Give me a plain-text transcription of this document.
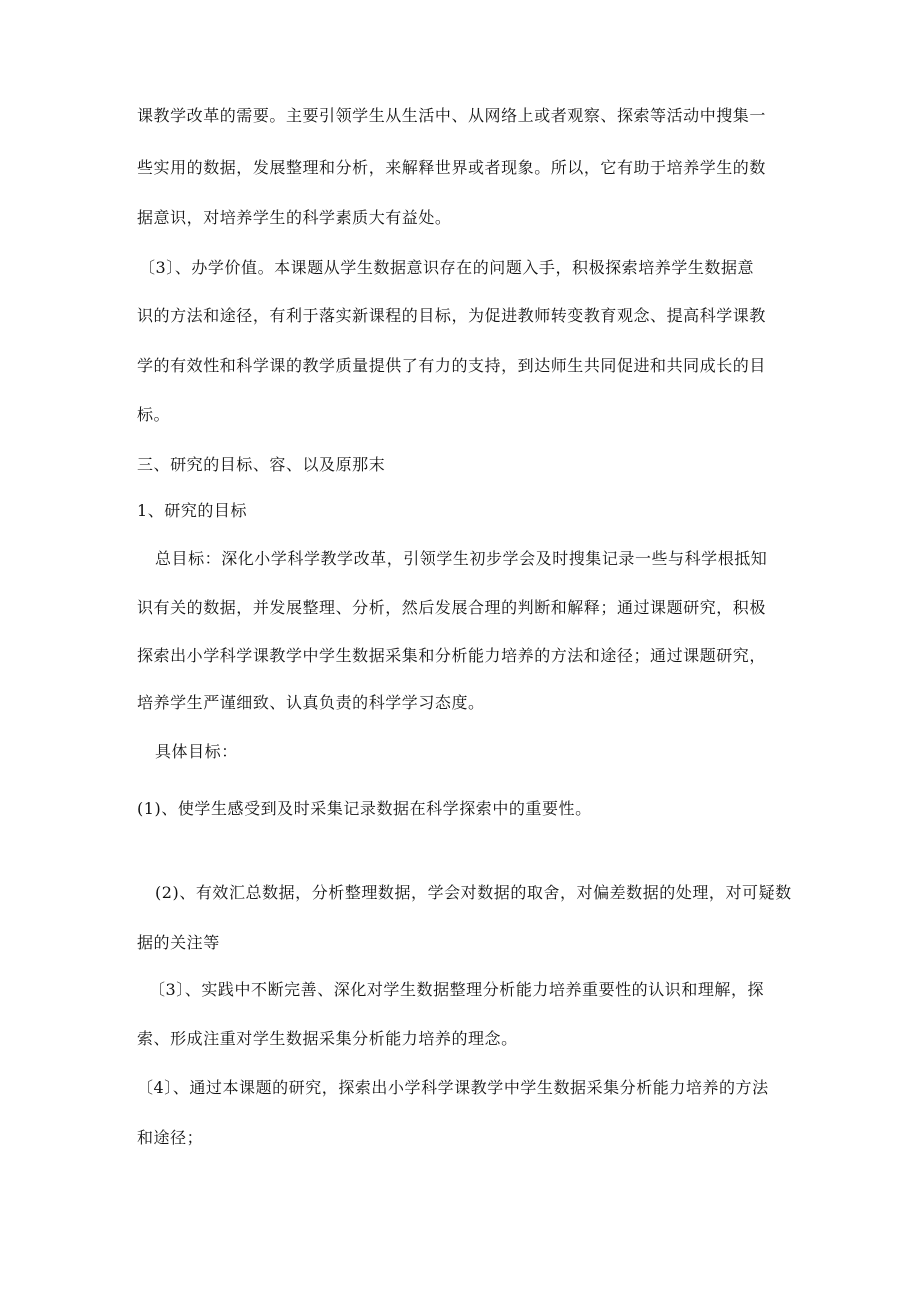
课教学改革的需要。主要引领学生从生活中、从网络上或者观察、探索等活动中搜集一
些实用的数据，发展整理和分析，来解释世界或者现象。所以，它有助于培养学生的数
据意识，对培养学生的科学素质大有益处。
〔3〕、办学价值。本课题从学生数据意识存在的问题入手，积极探索培养学生数据意
识的方法和途径，有利于落实新课程的目标，为促进教师转变教育观念、提高科学课教
学的有效性和科学课的教学质量提供了有力的支持，到达师生共同促进和共同成长的目
标。
三、研究的目标、容、以及原那末
1、研究的目标
总目标：深化小学科学教学改革，引领学生初步学会及时搜集记录一些与科学根抵知
识有关的数据，并发展整理、分析，然后发展合理的判断和解释；通过课题研究，积极
探索出小学科学课教学中学生数据采集和分析能力培养的方法和途径；通过课题研究，
培养学生严谨细致、认真负责的科学学习态度。
具体目标：
(1)、使学生感受到及时采集记录数据在科学探索中的重要性。
(2)、有效汇总数据，分析整理数据，学会对数据的取舍，对偏差数据的处理，对可疑数
据的关注等
〔3〕、实践中不断完善、深化对学生数据整理分析能力培养重要性的认识和理解，探
索、形成注重对学生数据采集分析能力培养的理念。
〔4〕、通过本课题的研究，探索出小学科学课教学中学生数据采集分析能力培养的方法
和途径；
